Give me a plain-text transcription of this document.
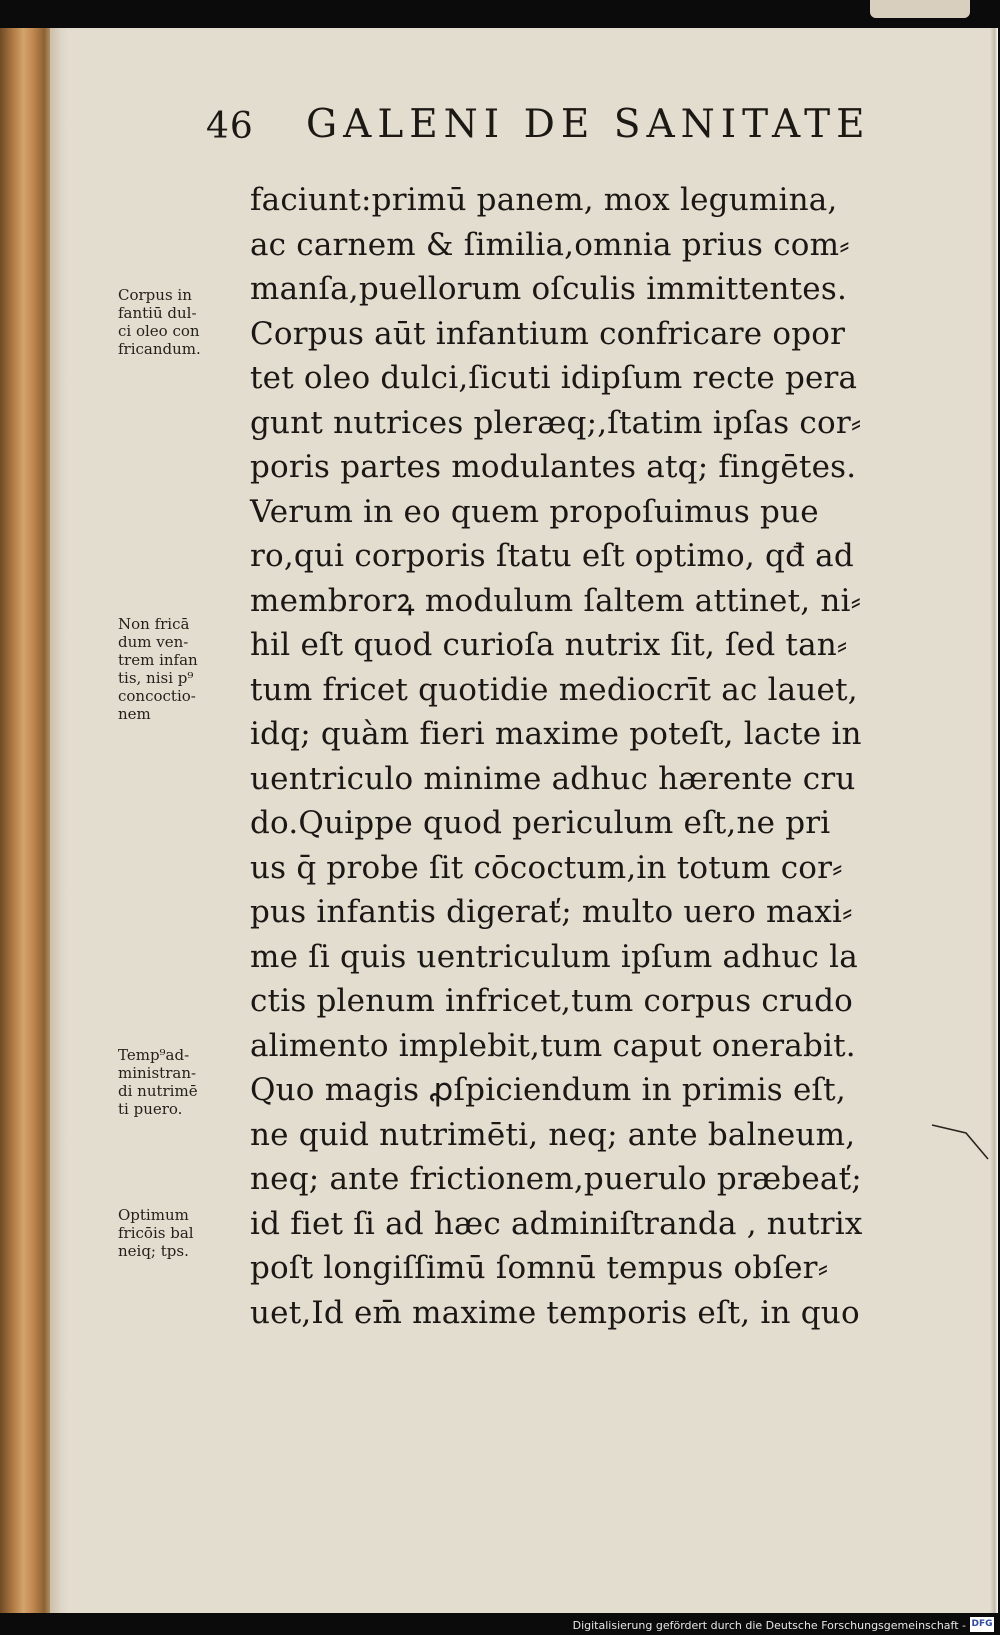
46 GALENI DE SANITATE
faciunt:primū panem, mox legumina,
ac carnem & ſimilia,omnia prius com⸗
manſa,puellorum oſculis immittentes.
Corpus aūt infantium confricare opor
tet oleo dulci,ſicuti idipſum recte pera
gunt nutrices pleræq;,ſtatim ipſas cor⸗
poris partes modulantes atq; fingētes.
Verum in eo quem propoſuimus pue
ro,qui corporis ſtatu eſt optimo, qđ ad
membrorꝝ modulum ſaltem attinet, ni⸗
hil eſt quod curioſa nutrix ſit, ſed tan⸗
tum fricet quotidie mediocrīt ac lauet,
idq; quàm fieri maxime poteſt, lacte in
uentriculo minime adhuc hærente cru
do.Quippe quod periculum eſt,ne pri
us q̄ probe ſit cōcoctum,in totum cor⸗
pus infantis digerať; multo uero maxi⸗
me ſi quis uentriculum ipſum adhuc la
ctis plenum infricet,tum corpus crudo
alimento implebit,tum caput onerabit.
Quo magis ꝓſpiciendum in primis eſt,
ne quid nutrimēti, neq; ante balneum,
neq; ante frictionem,puerulo præbeať;
id fiet ſi ad hæc adminiſtranda , nutrix
poſt longiſſimū ſomnū tempus obſer⸗
uet,Id em̄ maxime temporis eſt, in quo
Corpus in
fantiū dul-
ci oleo con
fricandum.
Non fricā
dum ven-
trem infan
tis, nisi p⁹
concoctio-
nem
Temp⁹ad-
ministran-
di nutrimē
ti puero.
Optimum
fricōis bal
neiq; tps.
Digitalisierung gefördert durch die Deutsche Forschungsgemeinschaft - DFG
